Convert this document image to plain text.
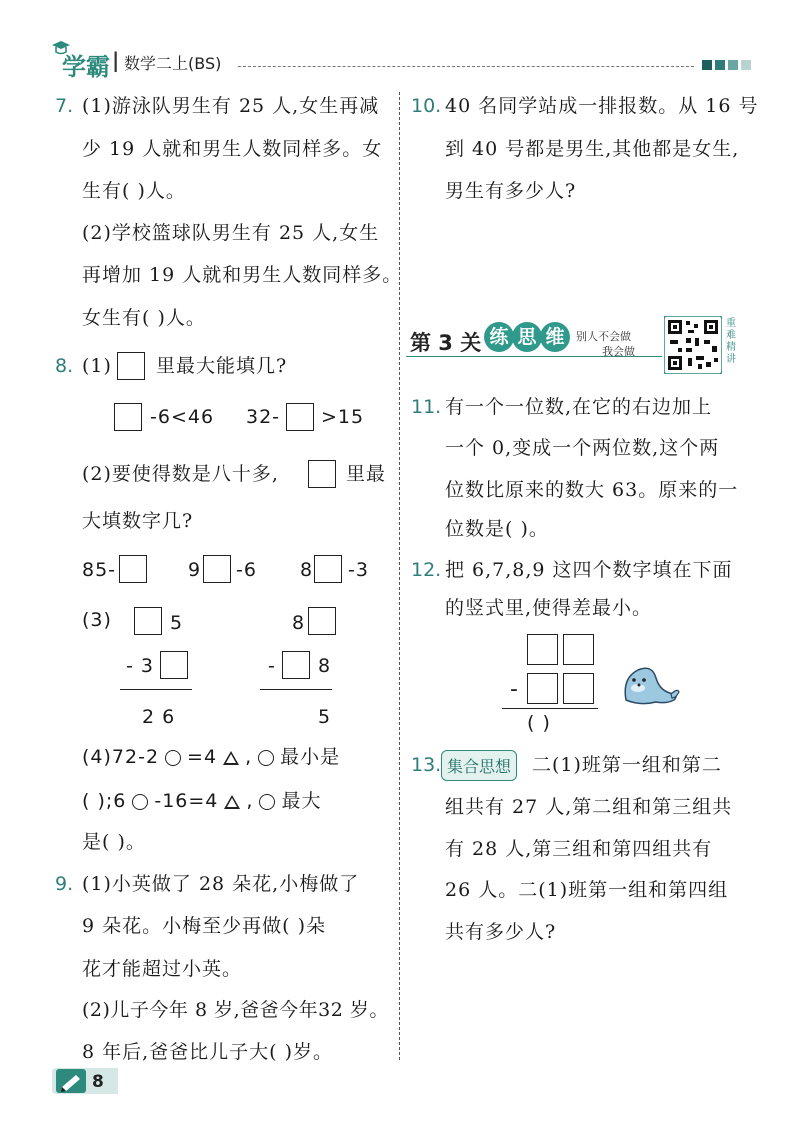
学霸 | 数学二上(BS)
7. (1)游泳队男生有 25 人,女生再减
少 19 人就和男生人数同样多。女
生有( )人。
(2)学校篮球队男生有 25 人,女生
再增加 19 人就和男生人数同样多。
女生有( )人。
8. (1) 里最大能填几?
-6<46 32- >15
(2)要使得数是八十多,	里最
大填数字几?
85-	9 -6 8 -3
(3)	5
- 3
2 6
8
- 8
5
(4)72-2 =4 , 最小是
( );6 -16=4 , 最大
是( )。
9. (1)小英做了 28 朵花,小梅做了
9 朵花。小梅至少再做( )朵
花才能超过小英。
(2)儿子今年 8 岁,爸爸今年32 岁。
8 年后,爸爸比儿子大( )岁。
10. 40 名同学站成一排报数。从 16 号
到 40 号都是男生,其他都是女生,
男生有多少人?
第 3 关 练 思 维	别人不会做
我会做
重难精讲
11. 有一个一位数,在它的右边加上
一个 0,变成一个两位数,这个两
位数比原来的数大 63。原来的一
位数是( )。
12. 把 6,7,8,9 这四个数字填在下面
的竖式里,使得差最小。
-
( )
13. 集合思想	二(1)班第一组和第二
组共有 27 人,第二组和第三组共
有 28 人,第三组和第四组共有
26 人。二(1)班第一组和第四组
共有多少人?
8
